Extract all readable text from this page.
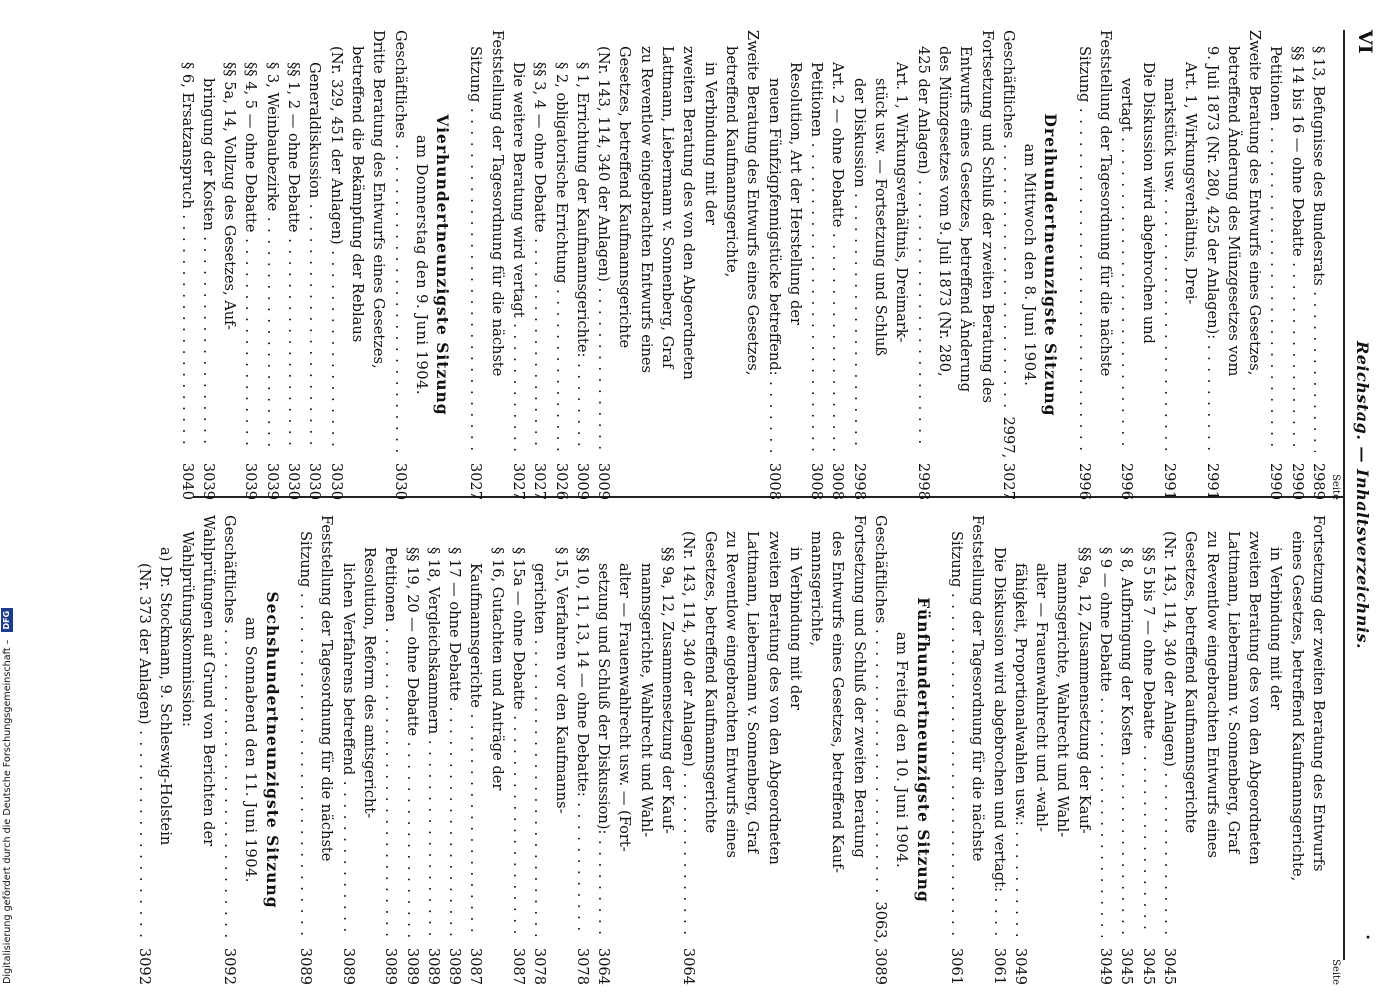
VI
Reichstag. — Inhaltsverzeichnis.
•
Seite
§ 13, Befugnisse des Bundesrats . . .
2989
§§ 14 bis 16 — ohne Debatte . . .
2990
Petitionen . . .
2990
Zweite Beratung des Entwurfs eines Gesetzes,
betreffend Änderung des Münzgesetzes vom
9. Juli 1873 (Nr. 280, 425 der Anlagen): . . .
2991
Art. 1, Wirkungsverhältnis, Drei-
markstück usw. . . .
2991
Die Diskussion wird abgebrochen und
vertagt . . .
2996
Feststellung der Tagesordnung für die nächste
Sitzung . . .
2996
Dreihundertneunzigste Sitzung
am Mittwoch den 8. Juni 1904.
Geschäftliches . . .
2997, 3027
Fortsetzung und Schluß der zweiten Beratung des
Entwurfs eines Gesetzes, betreffend Änderung
des Münzgesetzes vom 9. Juli 1873 (Nr. 280,
425 der Anlagen) . . .
2998
Art. 1, Wirkungsverhältnis, Dreimark-
stück usw. — Fortsetzung und Schluß
der Diskussion . . .
2998
Art. 2 — ohne Debatte . . .
3008
Petitionen . . .
3008
Resolution, Art der Herstellung der
neuen Fünfzigpfennigstücke betreffend: . . .
3008
Zweite Beratung des Entwurfs eines Gesetzes,
betreffend Kaufmannsgerichte,
in Verbindung mit der
zweiten Beratung des von den Abgeordneten
Lattmann, Liebermann v. Sonnenberg, Graf
zu Reventlow eingebrachten Entwurfs eines
Gesetzes, betreffend Kaufmannsgerichte
(Nr. 143, 114, 340 der Anlagen) . . .
3009
§ 1, Errichtung der Kaufmannsgerichte: . . .
3009
§ 2, obligatorische Errichtung . . .
3026
§§ 3, 4 — ohne Debatte . . .
3027
Die weitere Beratung wird vertagt . . .
3027
Feststellung der Tagesordnung für die nächste
Sitzung . . .
3027
Vierhundertneunzigste Sitzung
am Donnerstag den 9. Juni 1904.
Geschäftliches . . .
3030
Dritte Beratung des Entwurfs eines Gesetzes,
betreffend die Bekämpfung der Reblaus
(Nr. 329, 451 der Anlagen) . . .
3030
Generaldiskussion . . .
3030
§§ 1, 2 — ohne Debatte . . .
3030
§ 3, Weinbaubezirke . . .
3039
§§ 4, 5 — ohne Debatte . . .
3039
§§ 5a, 14, Vollzug des Gesetzes, Auf-
bringung der Kosten . . .
3039
§ 6, Ersatzanspruch . . .
3040
Seite
Fortsetzung der zweiten Beratung des Entwurfs
eines Gesetzes, betreffend Kaufmannsgerichte,
in Verbindung mit der
zweiten Beratung des von den Abgeordneten
Lattmann, Liebermann v. Sonnenberg, Graf
zu Reventlow eingebrachten Entwurfs eines
Gesetzes, betreffend Kaufmannsgerichte
(Nr. 143, 114, 340 der Anlagen) . . .
3045
§§ 5 bis 7 — ohne Debatte . . .
3045
§ 8, Aufbringung der Kosten . . .
3045
§ 9 — ohne Debatte . . .
3049
§§ 9a, 12, Zusammensetzung der Kauf-
mannsgerichte, Wahlrecht und Wahl-
alter — Frauenwahlrecht und -wahl-
fähigkeit, Proportionalwahlen usw.: . . .
3049
Die Diskussion wird abgebrochen und vertagt: . . .
3061
Feststellung der Tagesordnung für die nächste
Sitzung . . .
3061
Fünfhundertneunzigste Sitzung
am Freitag den 10. Juni 1904.
Geschäftliches . . .
3063, 3089
Fortsetzung und Schluß der zweiten Beratung
des Entwurfs eines Gesetzes, betreffend Kauf-
mannsgerichte,
in Verbindung mit der
zweiten Beratung des von den Abgeordneten
Lattmann, Liebermann v. Sonnenberg, Graf
zu Reventlow eingebrachten Entwurfs eines
Gesetzes, betreffend Kaufmannsgerichte
(Nr. 143, 114, 340 der Anlagen) . . .
3064
§§ 9a, 12, Zusammensetzung der Kauf-
mannsgerichte, Wahlrecht und Wahl-
alter — Frauenwahlrecht usw. — (Fort-
setzung und Schluß der Diskussion): . . .
3064
§§ 10, 11, 13, 14 — ohne Debatte: . . .
3078
§ 15, Verfahren vor den Kaufmanns-
gerichten . . .
3078
§ 15a — ohne Debatte . . .
3087
§ 16, Gutachten und Anträge der
Kaufmannsgerichte . . .
3087
§ 17 — ohne Debatte . . .
3089
§ 18, Vergleichskammern . . .
3089
§§ 19, 20 — ohne Debatte . . .
3089
Petitionen . . .
3089
Resolution, Reform des amtsgericht-
lichen Verfahrens betreffend . . .
3089
Feststellung der Tagesordnung für die nächste
Sitzung . . .
3089
Sechshundertneunzigste Sitzung
am Sonnabend den 11. Juni 1904.
Geschäftliches . . .
3092
Wahlprüfungen auf Grund von Berichten der
Wahlprüfungskommission:
a) Dr. Stockmann, 9. Schleswig-Holstein
(Nr. 373 der Anlagen) . . .
3092
Digitalisierung gefördert durch die Deutsche Forschungsgemeinschaft – DFG
